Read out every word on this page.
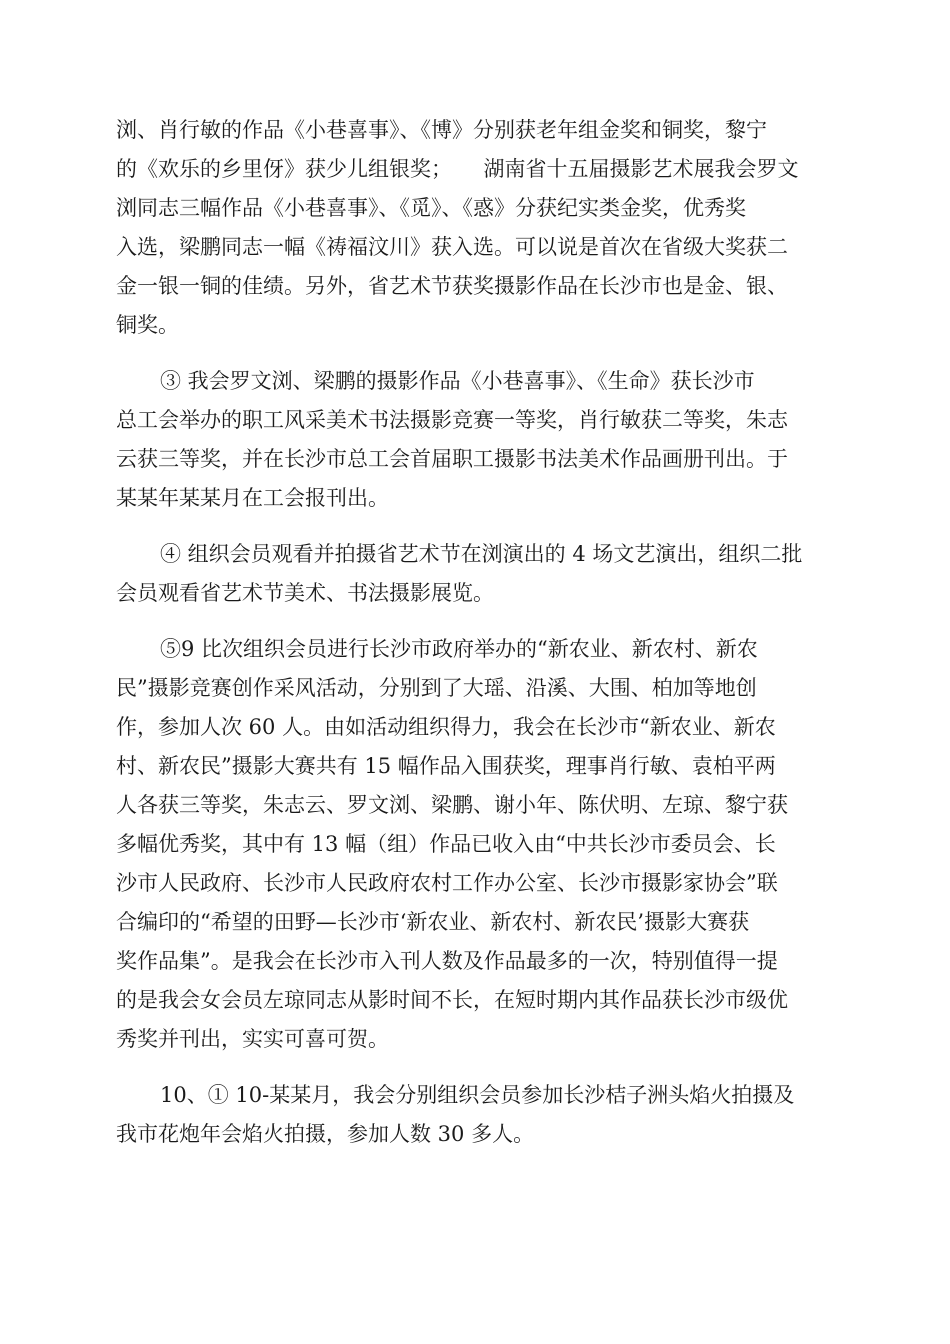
浏、肖行敏的作品《小巷喜事》、《博》分别获老年组金奖和铜奖，黎宁
的《欢乐的乡里伢》获少儿组银奖；　　湖南省十五届摄影艺术展我会罗文
浏同志三幅作品《小巷喜事》、《觅》、《惑》分获纪实类金奖，优秀奖
入选，梁鹏同志一幅《祷福汶川》获入选。可以说是首次在省级大奖获二
金一银一铜的佳绩。另外，省艺术节获奖摄影作品在长沙市也是金、银、
铜奖。

③ 我会罗文浏、梁鹏的摄影作品《小巷喜事》、《生命》获长沙市
总工会举办的职工风采美术书法摄影竞赛一等奖，肖行敏获二等奖，朱志
云获三等奖，并在长沙市总工会首届职工摄影书法美术作品画册刊出。于
某某年某某月在工会报刊出。

④ 组织会员观看并拍摄省艺术节在浏演出的 4 场文艺演出，组织二批
会员观看省艺术节美术、书法摄影展览。

⑤9 比次组织会员进行长沙市政府举办的“新农业、新农村、新农
民”摄影竞赛创作采风活动，分别到了大瑶、沿溪、大围、柏加等地创
作，参加人次 60 人。由如活动组织得力，我会在长沙市“新农业、新农
村、新农民”摄影大赛共有 15 幅作品入围获奖，理事肖行敏、袁柏平两
人各获三等奖，朱志云、罗文浏、梁鹏、谢小年、陈伏明、左琼、黎宁获
多幅优秀奖，其中有 13 幅（组）作品已收入由“中共长沙市委员会、长
沙市人民政府、长沙市人民政府农村工作办公室、长沙市摄影家协会”联
合编印的“希望的田野—长沙市‘新农业、新农村、新农民’摄影大赛获
奖作品集”。是我会在长沙市入刊人数及作品最多的一次，特别值得一提
的是我会女会员左琼同志从影时间不长，在短时期内其作品获长沙市级优
秀奖并刊出，实实可喜可贺。

10、① 10-某某月，我会分别组织会员参加长沙桔子洲头焰火拍摄及
我市花炮年会焰火拍摄，参加人数 30 多人。
